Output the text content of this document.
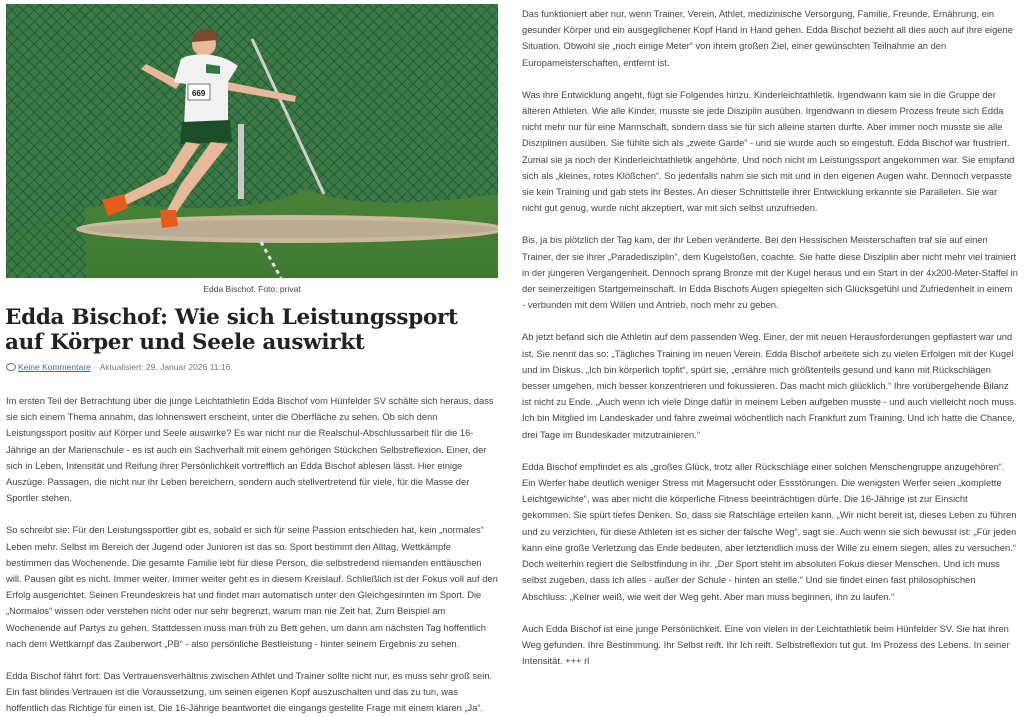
669
Edda Bischof. Foto: privat
Edda Bischof: Wie sich Leistungssport auf Körper und Seele auswirkt
Keine Kommentare · Aktualisiert: 29. Januar 2026 11:16

Im ersten Teil der Betrachtung über die junge Leichtathletin Edda Bischof vom Hünfelder SV schälte sich heraus, dass sie sich einem Thema annahm, das lohnenswert erscheint, unter die Oberfläche zu sehen. Ob sich denn Leistungssport positiv auf Körper und Seele auswirke? Es war nicht nur die Realschul-Abschlussarbeit für die 16-Jährige an der Marienschule - es ist auch ein Sachverhalt mit einem gehörigen Stückchen Selbstreflexion. Einer, der sich in Leben, Intensität und Reifung ihrer Persönlichkeit vortrefflich an Edda Bischof ablesen lässt. Hier einige Auszüge. Passagen, die nicht nur ihr Leben bereichern, sondern auch stellvertretend für viele, für die Masse der Sportler stehen.

So schreibt sie: Für den Leistungssportler gibt es, sobald er sich für seine Passion entschieden hat, kein „normales“ Leben mehr. Selbst im Bereich der Jugend oder Junioren ist das so. Sport bestimmt den Alltag, Wettkämpfe bestimmen das Wochenende. Die gesamte Familie lebt für diese Person, die selbstredend niemanden enttäuschen will. Pausen gibt es nicht. Immer weiter. Immer weiter geht es in diesem Kreislauf. Schließlich ist der Fokus voll auf den Erfolg ausgerichtet. Seinen Freundeskreis hat und findet man automatisch unter den Gleichgesinnten im Sport. Die „Normalos“ wissen oder verstehen nicht oder nur sehr begrenzt, warum man nie Zeit hat. Zum Beispiel am Wochenende auf Partys zu gehen. Stattdessen muss man früh zu Bett gehen, um dann am nächsten Tag hoffentlich nach dem Wettkampf das Zauberwort „PB“ - also persönliche Bestleistung - hinter seinem Ergebnis zu sehen.

Edda Bischof fährt fort: Das Vertrauensverhältnis zwischen Athlet und Trainer sollte nicht nur, es muss sehr groß sein. Ein fast blindes Vertrauen ist die Voraussetzung, um seinen eigenen Kopf auszuschalten und das zu tun, was hoffentlich das Richtige für einen ist. Die 16-Jährige beantwortet die eingangs gestellte Frage mit einem klaren „Ja“.

Das funktioniert aber nur, wenn Trainer, Verein, Athlet, medizinische Versorgung, Familie, Freunde, Ernährung, ein gesunder Körper und ein ausgeglichener Kopf Hand in Hand gehen. Edda Bischof bezieht all dies auch auf ihre eigene Situation. Obwohl sie „noch einige Meter“ von ihrem großen Ziel, einer gewünschten Teilnahme an den Europameisterschaften, entfernt ist.

Was ihre Entwicklung angeht, fügt sie Folgendes hinzu. Kinderleichtathletik. Irgendwann kam sie in die Gruppe der älteren Athleten. Wie alle Kinder, musste sie jede Disziplin ausüben. Irgendwann in diesem Prozess freute sich Edda nicht mehr nur für eine Mannschaft, sondern dass sie für sich alleine starten durfte. Aber immer noch musste sie alle Disziplinen ausüben. Sie fühlte sich als „zweite Garde“ - und sie wurde auch so eingestuft. Edda Bischof war frustriert. Zumal sie ja noch der Kinderleichtathletik angehörte. Und noch nicht im Leistungssport angekommen war. Sie empfand sich als „kleines, rotes Klößchen“. So jedenfalls nahm sie sich mit und in den eigenen Augen wahr. Dennoch verpasste sie kein Training und gab stets ihr Bestes. An dieser Schnittstelle ihrer Entwicklung erkannte sie Parallelen. Sie war nicht gut genug, wurde nicht akzeptiert, war mit sich selbst unzufrieden.

Bis, ja bis plötzlich der Tag kam, der ihr Leben veränderte. Bei den Hessischen Meisterschaften traf sie auf einen Trainer, der sie ihrer „Paradedisziplin“, dem Kugelstoßen, coachte. Sie hatte diese Disziplin aber nicht mehr viel trainiert in der jüngeren Vergangenheit. Dennoch sprang Bronze mit der Kugel heraus und ein Start in der 4x200-Meter-Staffel in der seinerzeitigen Startgemeinschaft. In Edda Bischofs Augen spiegelten sich Glücksgefühl und Zufriedenheit in einem - verbunden mit dem Willen und Antrieb, noch mehr zu geben.

Ab jetzt befand sich die Athletin auf dem passenden Weg. Einer, der mit neuen Herausforderungen gepflastert war und ist. Sie nennt das so: „Tägliches Training im neuen Verein. Edda Bischof arbeitete sich zu vielen Erfolgen mit der Kugel und im Diskus. „Ich bin körperlich topfit“, spürt sie, „ernähre mich größtenteils gesund und kann mit Rückschlägen besser umgehen, mich besser konzentrieren und fokussieren. Das macht mich glücklich.“ Ihre vorübergehende Bilanz ist nicht zu Ende. „Auch wenn ich viele Dinge dafür in meinem Leben aufgeben musste - und auch vielleicht noch muss. Ich bin Mitglied im Landeskader und fahre zweimal wöchentlich nach Frankfurt zum Training. Und ich hatte die Chance, drei Tage im Bundeskader mitzutrainieren.“

Edda Bischof empfindet es als „großes Glück, trotz aller Rückschläge einer solchen Menschengruppe anzugehören“. Ein Werfer habe deutlich weniger Stress mit Magersucht oder Essstörungen. Die wenigsten Werfer seien „komplette Leichtgewichte“, was aber nicht die körperliche Fitness beeinträchtigen dürfe. Die 16-Jährige ist zur Einsicht gekommen. Sie spürt tiefes Denken. So, dass sie Ratschläge erteilen kann. „Wir nicht bereit ist, dieses Leben zu führen und zu verzichten, für diese Athleten ist es sicher der falsche Weg“, sagt sie. Auch wenn sie sich bewusst ist: „Für jeden kann eine große Verletzung das Ende bedeuten, aber letztendlich muss der Wille zu einem siegen, alles zu versuchen.“ Doch weiterhin regiert die Selbstfindung in ihr. „Der Sport steht im absoluten Fokus dieser Menschen. Und ich muss selbst zugeben, dass ich alles - außer der Schule - hinten an stelle.“ Und sie findet einen fast philosophischen Abschluss: „Keiner weiß, wie weit der Weg geht. Aber man muss beginnen, ihn zu laufen.“

Auch Edda Bischof ist eine junge Persönlichkeit. Eine von vielen in der Leichtathletik beim Hünfelder SV. Sie hat ihren Weg gefunden. Ihre Bestimmung. Ihr Selbst reift. Ihr Ich reift. Selbstreflexion tut gut. Im Prozess des Lebens. In seiner Intensität. +++ rl
